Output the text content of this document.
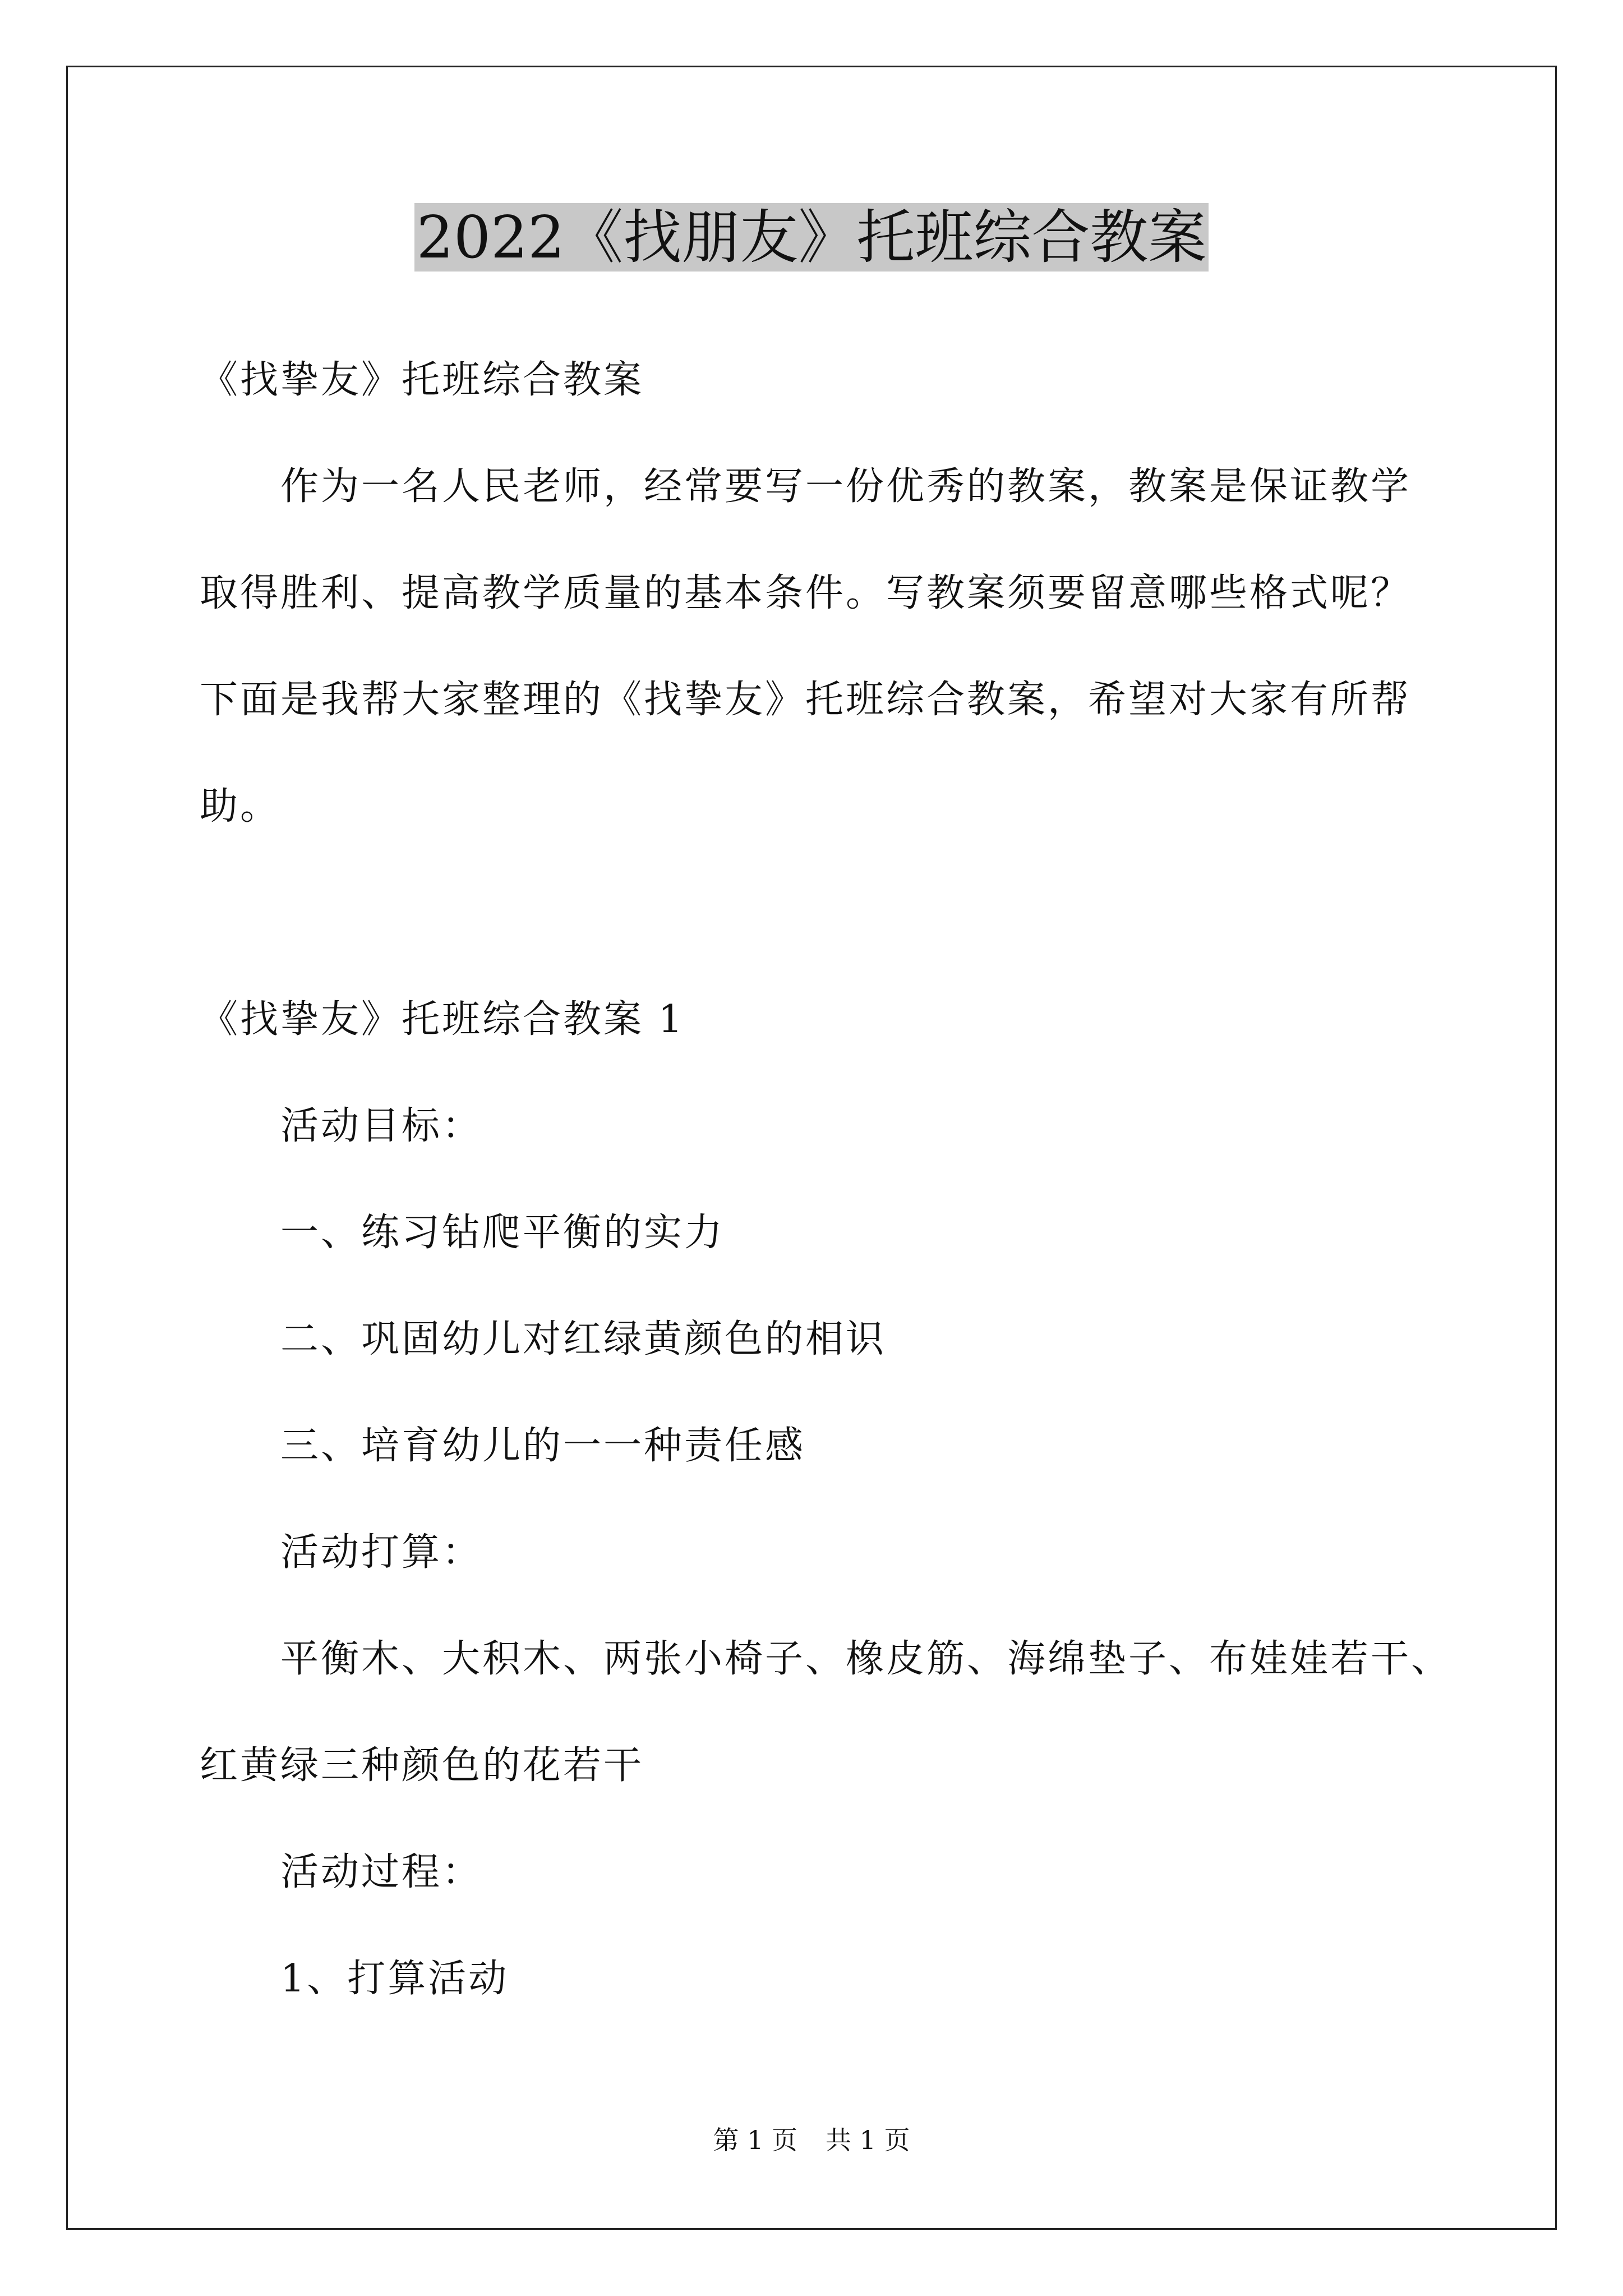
2022《找朋友》托班综合教案
《找挚友》托班综合教案
作为一名人民老师，经常要写一份优秀的教案，教案是保证教学
取得胜利、提高教学质量的基本条件。写教案须要留意哪些格式呢？
下面是我帮大家整理的《找挚友》托班综合教案，希望对大家有所帮
助。
《找挚友》托班综合教案 1
活动目标：
一、练习钻爬平衡的实力
二、巩固幼儿对红绿黄颜色的相识
三、培育幼儿的一一种责任感
活动打算：
平衡木、大积木、两张小椅子、橡皮筋、海绵垫子、布娃娃若干、
红黄绿三种颜色的花若干
活动过程：
1、打算活动
第 1 页 共 1 页
